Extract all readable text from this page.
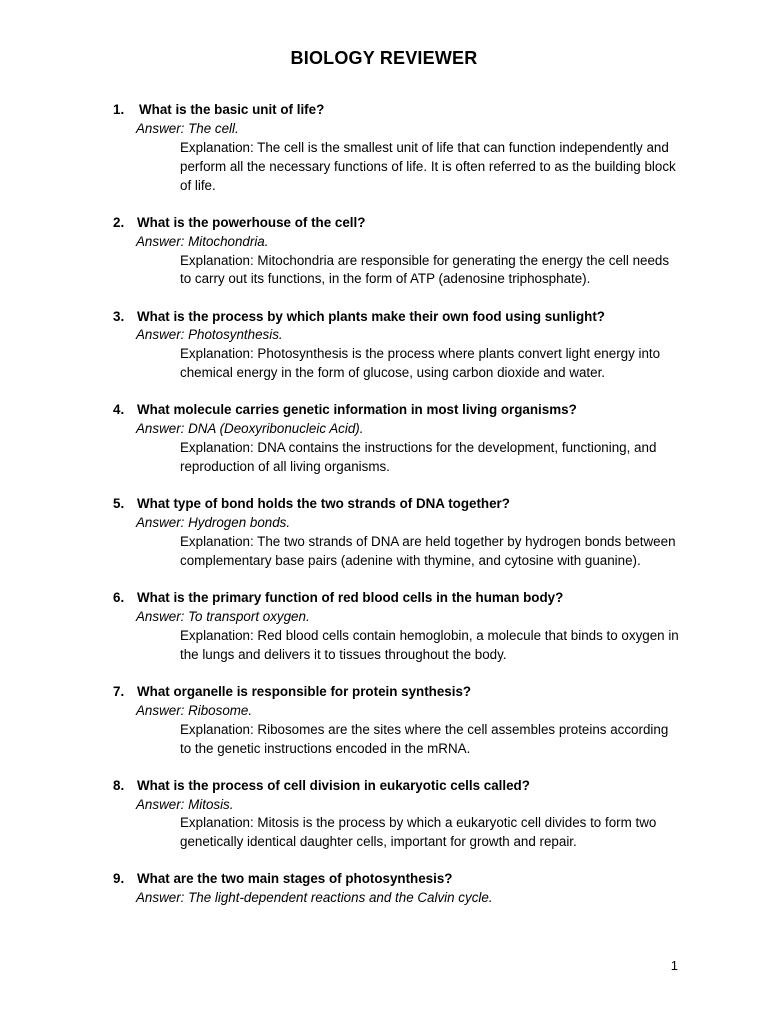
BIOLOGY REVIEWER
1.	What is the basic unit of life?
Answer: The cell.
Explanation: The cell is the smallest unit of life that can function independently and perform all the necessary functions of life. It is often referred to as the building block of life.
2. What is the powerhouse of the cell?
Answer: Mitochondria.
Explanation: Mitochondria are responsible for generating the energy the cell needs to carry out its functions, in the form of ATP (adenosine triphosphate).
3. What is the process by which plants make their own food using sunlight?
Answer: Photosynthesis.
Explanation: Photosynthesis is the process where plants convert light energy into chemical energy in the form of glucose, using carbon dioxide and water.
4. What molecule carries genetic information in most living organisms?
Answer: DNA (Deoxyribonucleic Acid).
Explanation: DNA contains the instructions for the development, functioning, and reproduction of all living organisms.
5. What type of bond holds the two strands of DNA together?
Answer: Hydrogen bonds.
Explanation: The two strands of DNA are held together by hydrogen bonds between complementary base pairs (adenine with thymine, and cytosine with guanine).
6. What is the primary function of red blood cells in the human body?
Answer: To transport oxygen.
Explanation: Red blood cells contain hemoglobin, a molecule that binds to oxygen in the lungs and delivers it to tissues throughout the body.
7. What organelle is responsible for protein synthesis?
Answer: Ribosome.
Explanation: Ribosomes are the sites where the cell assembles proteins according to the genetic instructions encoded in the mRNA.
8. What is the process of cell division in eukaryotic cells called?
Answer: Mitosis.
Explanation: Mitosis is the process by which a eukaryotic cell divides to form two genetically identical daughter cells, important for growth and repair.
9. What are the two main stages of photosynthesis?
Answer: The light-dependent reactions and the Calvin cycle.
1
